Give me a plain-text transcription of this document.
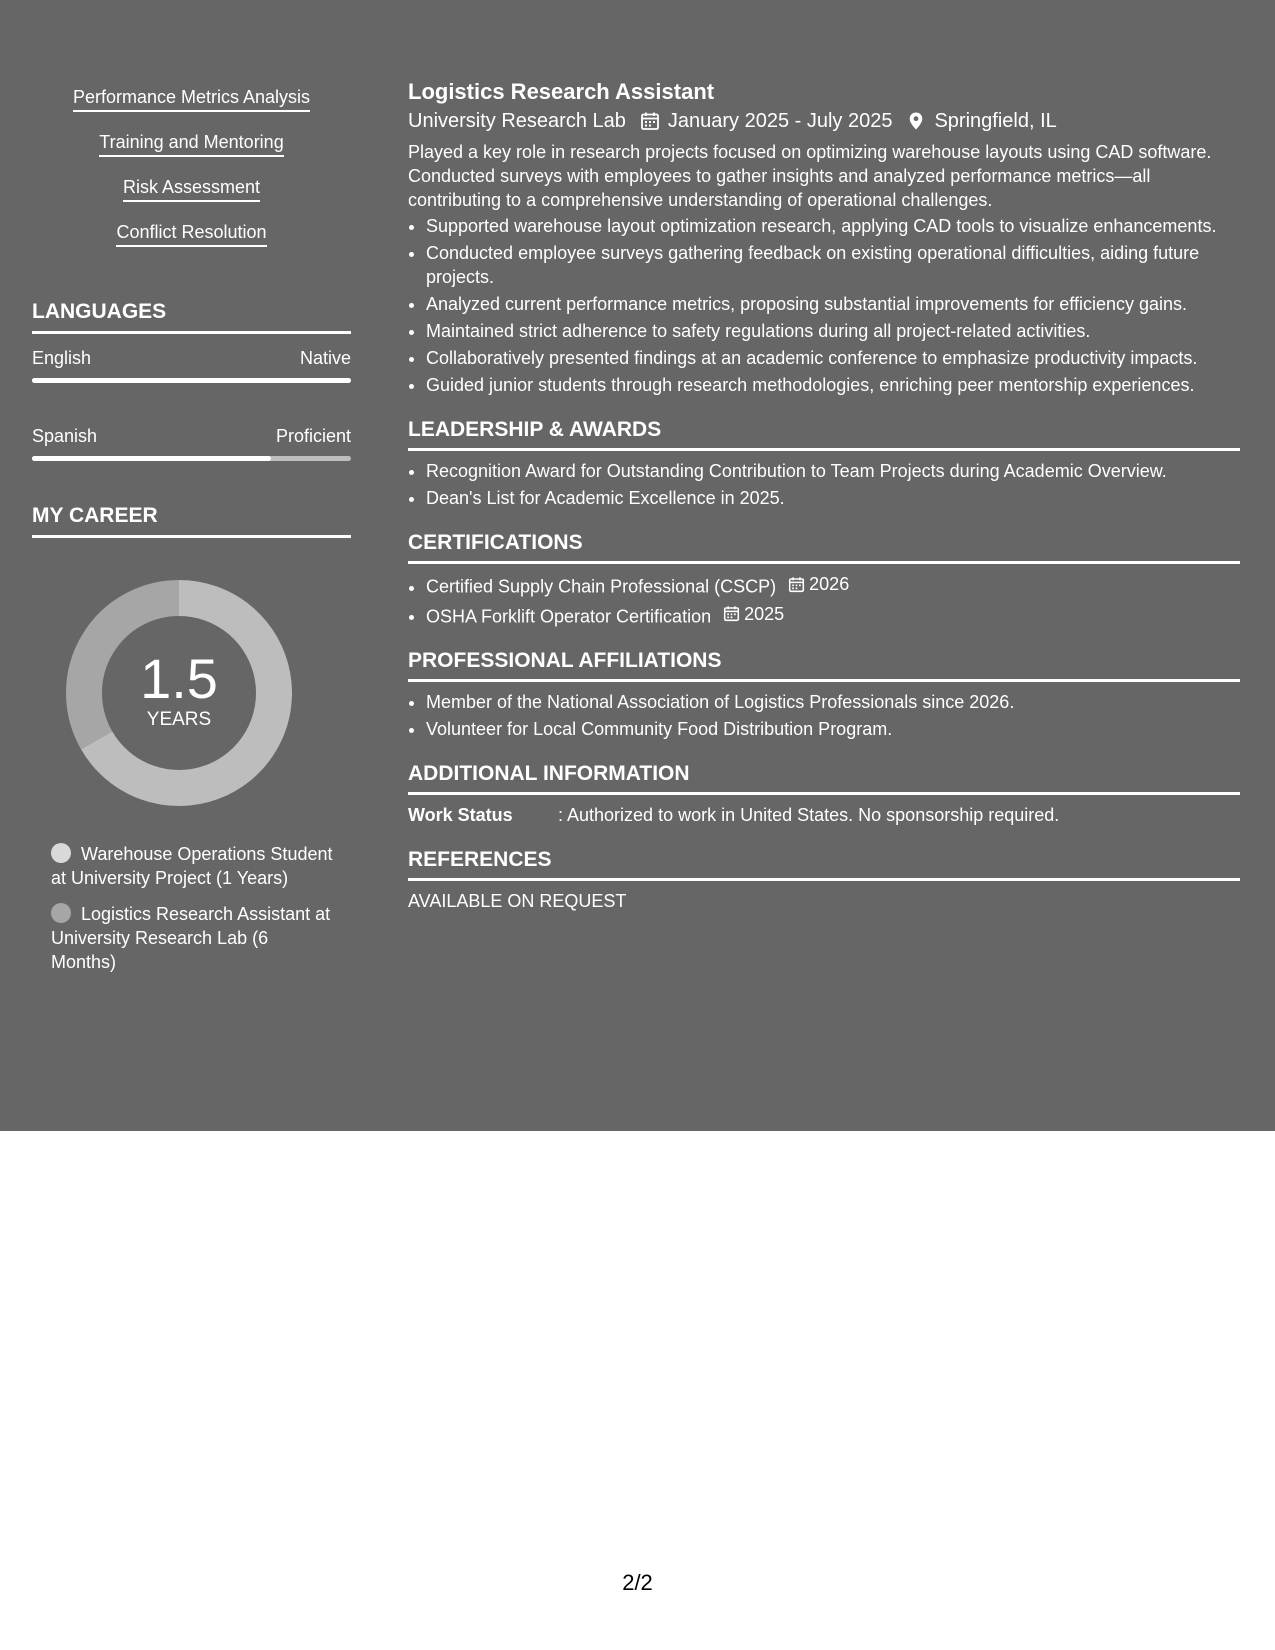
Performance Metrics Analysis
Training and Mentoring
Risk Assessment
Conflict Resolution
LANGUAGES
English	Native
Spanish	Proficient
MY CAREER
1.5
YEARS
Warehouse Operations Student at University Project (1 Years)
Logistics Research Assistant at University Research Lab (6 Months)
Logistics Research Assistant
University Research Lab January 2025 - July 2025 Springfield, IL
Played a key role in research projects focused on optimizing warehouse layouts using CAD software. Conducted surveys with employees to gather insights and analyzed performance metrics—all contributing to a comprehensive understanding of operational challenges.
• Supported warehouse layout optimization research, applying CAD tools to visualize enhancements.
• Conducted employee surveys gathering feedback on existing operational difficulties, aiding future projects.
• Analyzed current performance metrics, proposing substantial improvements for efficiency gains.
• Maintained strict adherence to safety regulations during all project-related activities.
• Collaboratively presented findings at an academic conference to emphasize productivity impacts.
• Guided junior students through research methodologies, enriching peer mentorship experiences.
LEADERSHIP & AWARDS
• Recognition Award for Outstanding Contribution to Team Projects during Academic Overview.
• Dean's List for Academic Excellence in 2025.
CERTIFICATIONS
• Certified Supply Chain Professional (CSCP) 2026
• OSHA Forklift Operator Certification 2025
PROFESSIONAL AFFILIATIONS
• Member of the National Association of Logistics Professionals since 2026.
• Volunteer for Local Community Food Distribution Program.
ADDITIONAL INFORMATION
Work Status	: Authorized to work in United States. No sponsorship required.
REFERENCES
AVAILABLE ON REQUEST
2/2
